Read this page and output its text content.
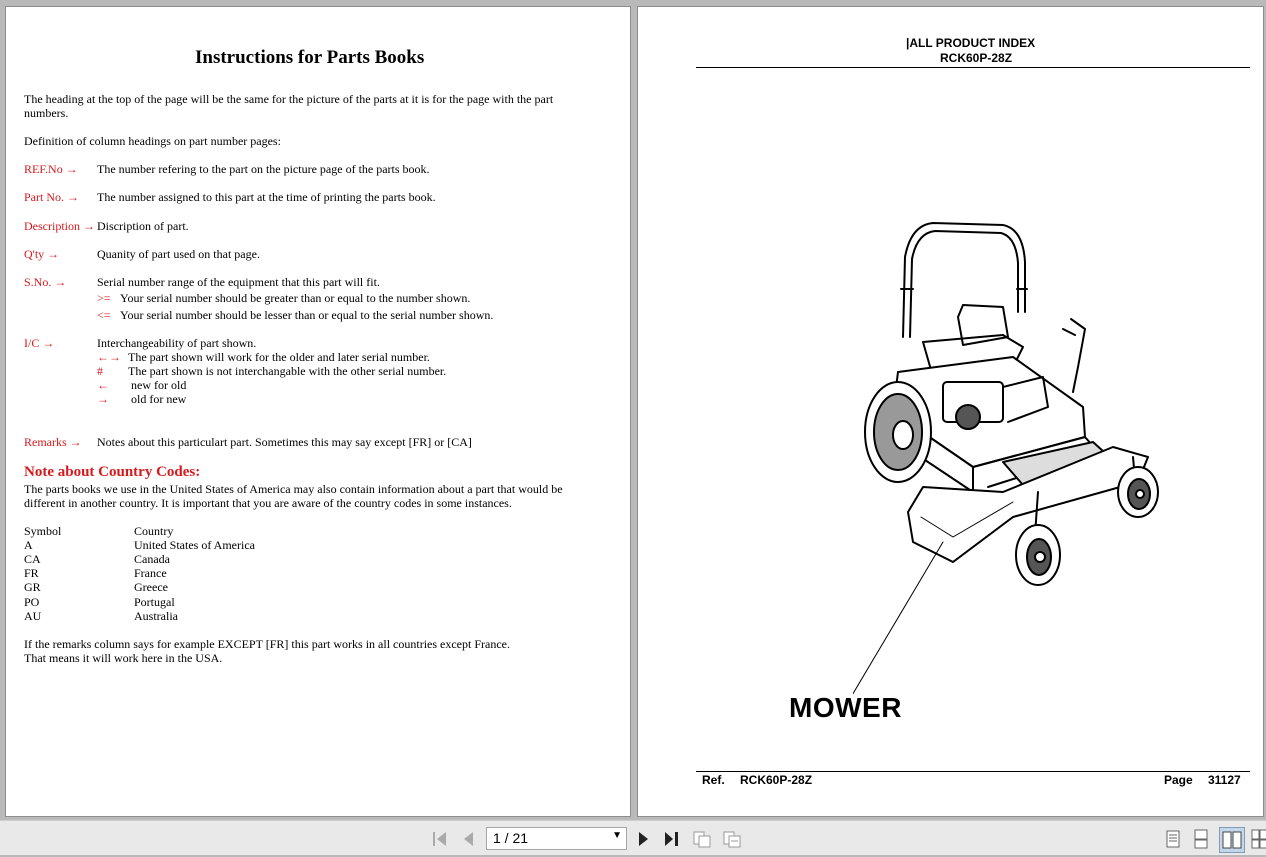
Instructions for Parts Books
The heading at the top of the page will be the same for the picture of the parts at it is for the page with the part
numbers.
Definition of column headings on part number pages:
REF.No → The number refering to the part on the picture page of the parts book.
Part No. → The number assigned to this part at the time of printing the parts book.
Description → Discription of part.
Q'ty →	Quanity of part used on that page.
S.No. →	Serial number range of the equipment that this part will fit.
>= Your serial number should be greater than or equal to the number shown.
<= Your serial number should be lesser than or equal to the serial number shown.
I/C →	Interchangeability of part shown.
←→ The part shown will work for the older and later serial number.
# The part shown is not interchangable with the other serial number.
← new for old
→ old for new
Remarks → Notes about this particulart part. Sometimes this may say except [FR] or [CA]
Note about Country Codes:
The parts books we use in the United States of America may also contain information about a part that would be
different in another country. It is important that you are aware of the country codes in some instances.
Symbol	Country
A	United States of America
CA	Canada
FR	France
GR	Greece
PO	Portugal
AU	Australia
If the remarks column says for example EXCEPT [FR] this part works in all countries except France.
That means it will work here in the USA.
|ALL PRODUCT INDEX
RCK60P-28Z
MOWER
Ref. RCK60P-28Z	Page 31127
1 / 21	▼
